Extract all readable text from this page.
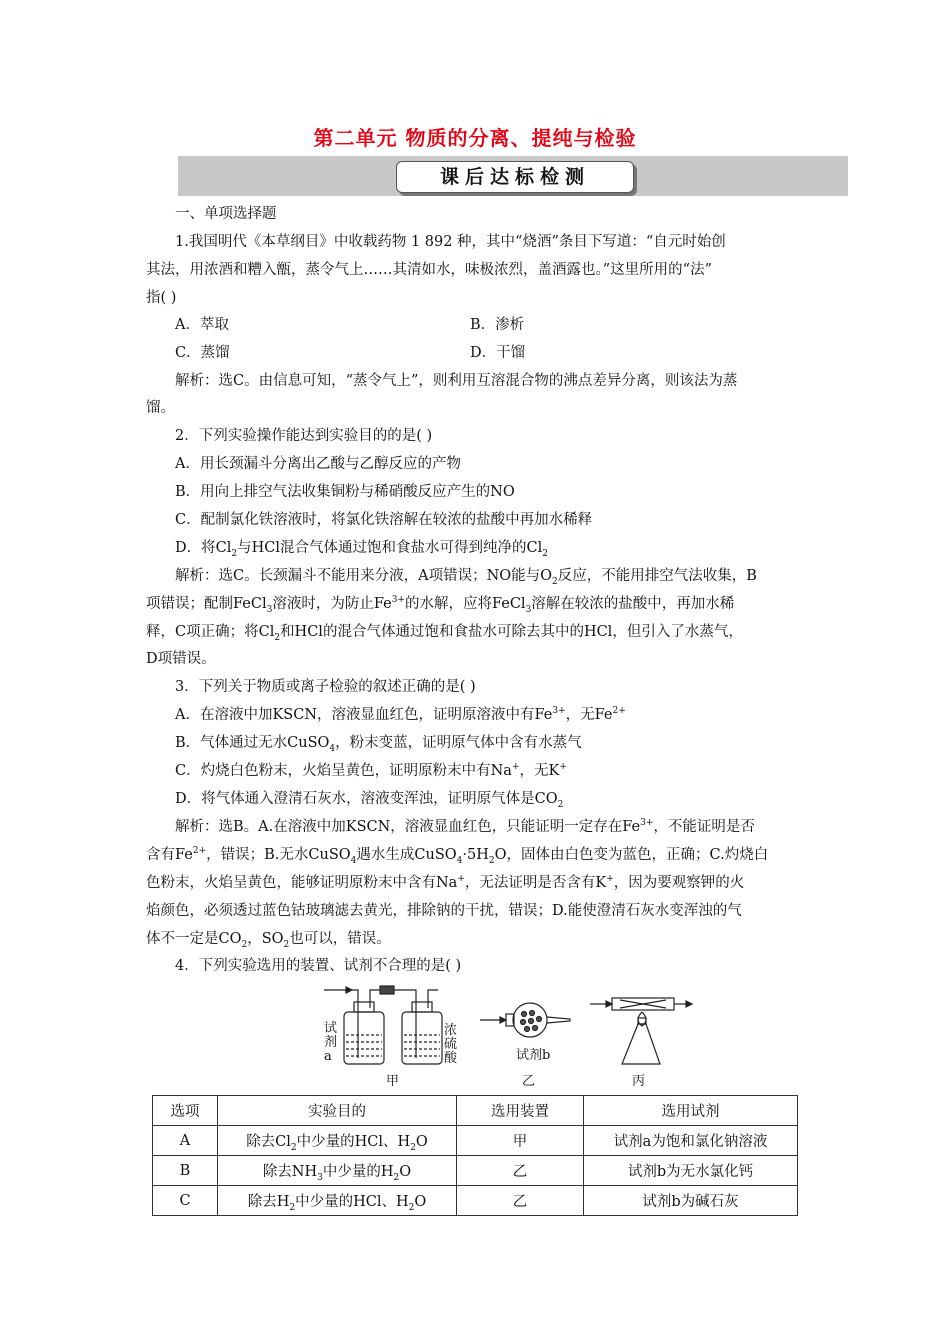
第二单元 物质的分离、提纯与检验
课后达标检测
一、单项选择题
1.我国明代《本草纲目》中收载药物 1 892 种，其中“烧酒”条目下写道：“自元时始创
其法，用浓酒和糟入甑，蒸令气上……其清如水，味极浓烈，盖酒露也。”这里所用的“法”
指( )
A．萃取	B．渗析
C．蒸馏	D．干馏
解析：选C。由信息可知，“蒸令气上”，则利用互溶混合物的沸点差异分离，则该法为蒸
馏。
2．下列实验操作能达到实验目的的是( )
A．用长颈漏斗分离出乙酸与乙醇反应的产物
B．用向上排空气法收集铜粉与稀硝酸反应产生的NO
C．配制氯化铁溶液时，将氯化铁溶解在较浓的盐酸中再加水稀释
D．将$Cl_2$与HCl混合气体通过饱和食盐水可得到纯净的$Cl_2$
解析：选C。长颈漏斗不能用来分液，A项错误；NO能与$O_2$反应，不能用排空气法收集，B
项错误；配制FeCl$_3$溶液时，为防止$Fe^{3+}$的水解，应将FeCl$_3$溶解在较浓的盐酸中，再加水稀
释，C项正确；将$Cl_2$和HCl的混合气体通过饱和食盐水可除去其中的HCl，但引入了水蒸气，
D项错误。
3．下列关于物质或离子检验的叙述正确的是( )
A．在溶液中加KSCN，溶液显血红色，证明原溶液中有$Fe^{3+}$，无$Fe^{2+}$
B．气体通过无水CuSO$_4$，粉末变蓝，证明原气体中含有水蒸气
C．灼烧白色粉末，火焰呈黄色，证明原粉末中有Na+，无K+
D．将气体通入澄清石灰水，溶液变浑浊，证明原气体是$CO_2$
解析：选B。A.在溶液中加KSCN，溶液显血红色，只能证明一定存在$Fe^{3+}$，不能证明是否
含有$Fe^{2+}$，错误；B.无水CuSO$_4$遇水生成$CuSO_4\cdot 5H_2O$，固体由白色变为蓝色，正确；C.灼烧白
色粉末，火焰呈黄色，能够证明原粉末中含有Na+，无法证明是否含有K+，因为要观察钾的火
焰颜色，必须透过蓝色钴玻璃滤去黄光，排除钠的干扰，错误；D.能使澄清石灰水变浑浊的气
体不一定是$CO_2$，$SO_2$也可以，错误。
4．下列实验选用的装置、试剂不合理的是( )
试剂a
浓硫酸	试剂b
甲	乙	丙
选项	实验目的	选用装置	选用试剂
A	除去$Cl_2$中少量的HCl、$H_2O$	甲	试剂a为饱和氯化钠溶液
B	除去$NH_3$中少量的$H_2O$	乙	试剂b为无水氯化钙
C	除去$H_2$中少量的HCl、$H_2O$	乙	试剂b为碱石灰
